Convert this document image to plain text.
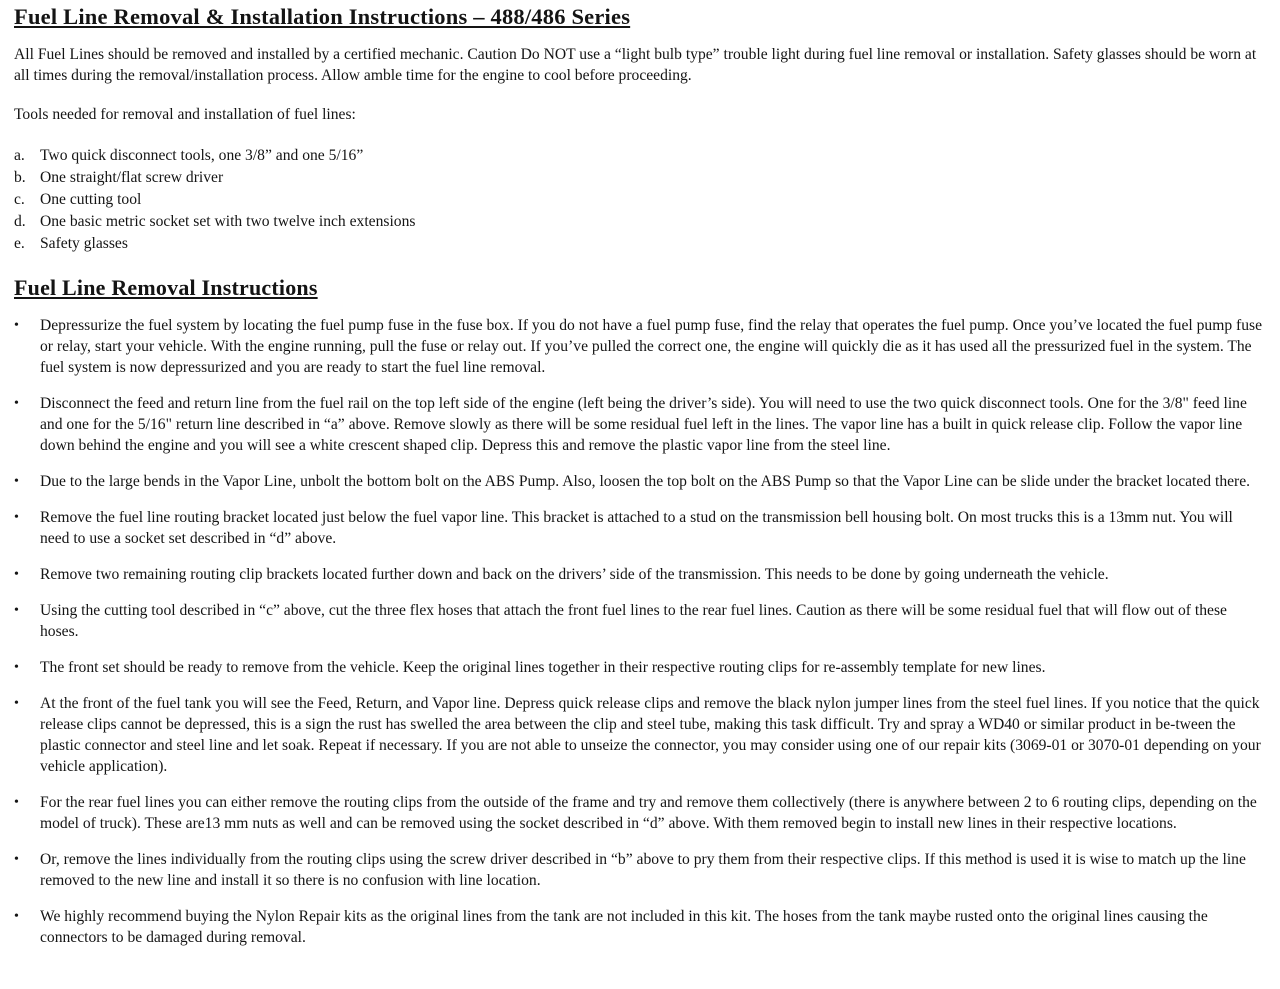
Fuel Line Removal & Installation Instructions – 488/486 Series

All Fuel Lines should be removed and installed by a certified mechanic. Caution Do NOT use a “light bulb type” trouble light during fuel line removal or installation. Safety glasses should be worn at all times during the removal/installation process. Allow amble time for the engine to cool before proceeding.

Tools needed for removal and installation of fuel lines:

a. Two quick disconnect tools, one 3/8” and one 5/16”
b. One straight/flat screw driver
c. One cutting tool
d. One basic metric socket set with two twelve inch extensions
e. Safety glasses
Fuel Line Removal Instructions
•	Depressurize the fuel system by locating the fuel pump fuse in the fuse box. If you do not have a fuel pump fuse, find the relay that operates the fuel pump. Once you’ve located the fuel pump fuse or relay, start your vehicle. With the engine running, pull the fuse or relay out. If you’ve pulled the correct one, the engine will quickly die as it has used all the pressurized fuel in the system. The fuel system is now depressurized and you are ready to start the fuel line removal.
•	Disconnect the feed and return line from the fuel rail on the top left side of the engine (left being the driver’s side). You will need to use the two quick disconnect tools. One for the 3/8" feed line and one for the 5/16" return line described in “a” above. Remove slowly as there will be some residual fuel left in the lines. The vapor line has a built in quick release clip. Follow the vapor line down behind the engine and you will see a white crescent shaped clip. Depress this and remove the plastic vapor line from the steel line.
•	Due to the large bends in the Vapor Line, unbolt the bottom bolt on the ABS Pump. Also, loosen the top bolt on the ABS Pump so that the Vapor Line can be slide under the bracket located there.
•	Remove the fuel line routing bracket located just below the fuel vapor line. This bracket is attached to a stud on the transmission bell housing bolt. On most trucks this is a 13mm nut. You will need to use a socket set described in “d” above.
•	Remove two remaining routing clip brackets located further down and back on the drivers’ side of the transmission. This needs to be done by going underneath the vehicle.
•	Using the cutting tool described in “c” above, cut the three flex hoses that attach the front fuel lines to the rear fuel lines. Caution as there will be some residual fuel that will flow out of these hoses.
•	The front set should be ready to remove from the vehicle. Keep the original lines together in their respective routing clips for re-assembly template for new lines.
•	At the front of the fuel tank you will see the Feed, Return, and Vapor line. Depress quick release clips and remove the black nylon jumper lines from the steel fuel lines. If you notice that the quick release clips cannot be depressed, this is a sign the rust has swelled the area between the clip and steel tube, making this task difficult. Try and spray a WD40 or similar product in be-tween the plastic connector and steel line and let soak. Repeat if necessary. If you are not able to unseize the connector, you may consider using one of our repair kits (3069-01 or 3070-01 depending on your vehicle application).
•	For the rear fuel lines you can either remove the routing clips from the outside of the frame and try and remove them collectively (there is anywhere between 2 to 6 routing clips, depending on the model of truck). These are13 mm nuts as well and can be removed using the socket described in “d” above. With them removed begin to install new lines in their respective locations.
•	Or, remove the lines individually from the routing clips using the screw driver described in “b” above to pry them from their respective clips. If this method is used it is wise to match up the line removed to the new line and install it so there is no confusion with line location.
•	We highly recommend buying the Nylon Repair kits as the original lines from the tank are not included in this kit. The hoses from the tank maybe rusted onto the original lines causing the connectors to be damaged during removal.
